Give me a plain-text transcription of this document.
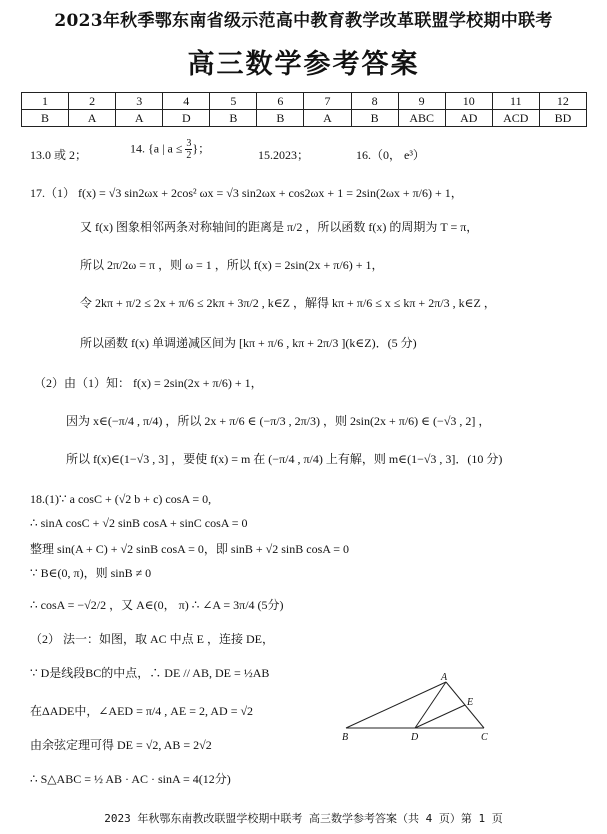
2023年秋季鄂东南省级示范高中教育教学改革联盟学校期中联考
高三数学参考答案
1	2	3	4	5	6	7	8	9	10	11	12
B	A	A	D	B	B	A	B	ABC	AD	ACD	BD
13.0 或 2；	14. {a | $a \le \frac{3}{2}$ }；	15.2023；	16.（0， e³）
17.（1） f(x) = √3 sin2ωx + 2cos² ωx = √3 sin2ωx + cos2ωx + 1 = 2sin(2ωx + π/6) + 1，
又 f(x) 图象相邻两条对称轴间的距离是 π/2 ，所以函数 f(x) 的周期为 T = π，
所以 2π/2ω = π ，则 ω = 1 ，所以 f(x) = 2sin(2x + π/6) + 1，
令 2kπ + π/2 ≤ 2x + π/6 ≤ 2kπ + 3π/2 , k∈Z ，解得 kπ + π/6 ≤ x ≤ kπ + 2π/3 , k∈Z ，
所以函数 f(x) 单调递减区间为 [kπ + π/6 , kπ + 2π/3 ](k∈Z)．(5 分)
（2）由（1）知： f(x) = 2sin(2x + π/6) + 1，
因为 x∈(−π/4 , π/4) ，所以 2x + π/6 ∈ (−π/3 , 2π/3) ，则 2sin(2x + π/6) ∈ (−√3 , 2] ，
所以 f(x)∈(1−√3 , 3] ，要使 f(x) = m 在 (−π/4 , π/4) 上有解，则 m∈(1−√3 , 3]．(10 分)
18.(1)∵ a cosC + (√2 b + c) cosA = 0,
∴ sinA cosC + √2 sinB cosA + sinC cosA = 0
整理 sin(A + C) + √2 sinB cosA = 0，即 sinB + √2 sinB cosA = 0
∵ B∈(0, π)，则 sinB ≠ 0
∴ cosA = −√2/2 ，又 A∈(0， π) ∴ ∠A = 3π/4 (5分)
（2） 法一：如图，取 AC 中点 E ，连接 DE，
∵ D是线段BC的中点，∴ DE // AB, DE = ½AB
在ΔADE中，∠AED = π/4 , AE = 2, AD = √2
由余弦定理可得 DE = √2, AB = 2√2
∴ S△ABC = ½ AB · AC · sinA = 4(12分)
A
B	C
D
E
2023 年秋鄂东南教改联盟学校期中联考 高三数学参考答案（共 4 页）第 1 页
